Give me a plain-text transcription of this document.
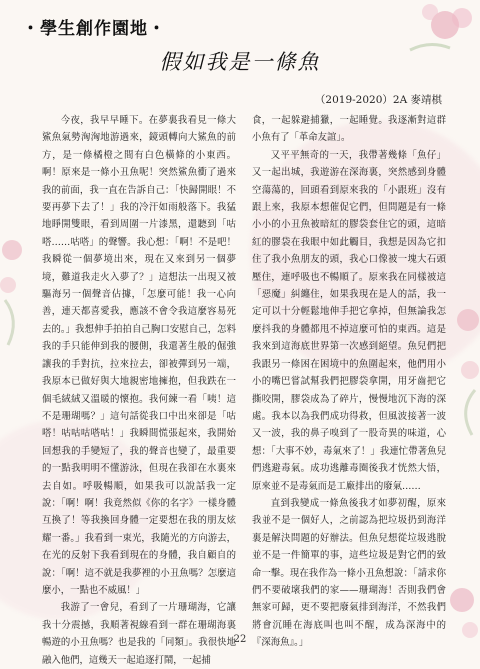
・學生創作園地・
假如我是一條魚
（2019-2020）2A 麥靖棋

今夜，我早早睡下。在夢裏我看見一條大鯊魚氣勢洶洶地游過來，鏡頭轉向大鯊魚的前方，是一條橘橙之間有白色橫條的小東西。啊！原來是一條小丑魚呢！突然鯊魚衝了過來我的前面，我一直在告訴自己：「快歸開眼！不要再夢下去了！」我的冷汗如雨般落下。我猛地睜開雙眼，看到周圍一片漆黑，還聽到「咕嗒……咕嗒」的聲響。我心想：「啊！不是吧！我瞬從一個夢境出來，現在又來到另一個夢境，難道我走火入夢了？」這想法一出現又被驅海另一個聲音佔據，「怎麼可能！我一心向善，連天都喜愛我，應該不會令我這麼容易死去的。」我想伸手拍拍自己胸口安慰自己，怎料我的手只能伸到我的腰側，我還著生般的倔強讓我的手對抗，拉來拉去，卻被彈到另一端，我原本已做好與大地親密地擁抱，但我跌在一個毛絨絨又溫暖的懷抱。我何練一看「咦！這不是珊瑚嗎？」這句話從我口中出來卻是「咕嗒！咕咕咕嗒咕！」我瞬間慌張起來，我開始回想我的手變短了，我的聲音也變了，最重要的一點我明明不懂游泳，但現在我卻在水裏來去自如。呼吸暢順，如果我可以說話我一定說：「啊！啊！我竟然似《你的名字》一樣身體互換了！等我換回身體一定要想在我的朋友炫耀一番。」我看到一束光，我隨光的方向游去，在光的反射下我看到現在的身體，我自顧自的說：「啊！這不就是我夢裡的小丑魚嗎？怎麼這麼小，一點也不威風！」

我游了一會兒，看到了一片珊瑚海，它讓我十分震撼，我順著視線看到一群在珊瑚海裏暢遊的小丑魚嗎？也是我的「同類」。我很快地融入他們，這幾天一起追逐打鬧，一起捕

食，一起躲避捕獵，一起睡覺。我逐漸對這群小魚有了「革命友誼」。

又平平無奇的一天，我帶著幾條「魚仔」又一起出城，我遊游在深海裏，突然感到身體空蕩蕩的，回頭看到原來我的「小跟班」沒有跟上來，我原本想催促它們，但問題是有一條小小的小丑魚被暗紅的膠袋套住它的頭，這暗紅的膠袋在我眼中如此觸目，我想是因為它扣住了我小魚朋友的頭，我心口像被一塊大石頭壓住，連呼吸也不暢順了。原來我在同樣被這「惡魔」糾纏住，如果我現在是人的話，我一定可以十分輕鬆地伸手把它拿掉，但無論我怎麼抖我的身體都甩不掉這麼可怕的東西。這是我來到這海底世界第一次感到絕望。魚兒們把我跟另一條困在困境中的魚圍起來，他們用小小的嘴巴嘗試幫我們把膠袋拿開，用牙齒把它撕咬開，膠袋成為了碎片，慢慢地沉下海的深處。我本以為我們成功得救，但風波接著一波又一波，我的鼻子嗅到了一股奇異的味道，心想：「大事不妙，毒氣來了！」我連忙帶著魚兒們逃避毒氣。成功逃離毒圈後我才恍然大悟，原來並不是毒氣而是工廠排出的廢氣……

直到我變成一條魚後我才如夢初醒，原來我並不是一個好人，之前認為把垃圾扔到海洋裏是解決問題的好辦法。但魚兒想從垃圾逃脫並不是一件簡單的事，這些垃圾是對它們的致命一擊。現在我作為一條小丑魚想說：「請求你們不要破壞我們的家——珊瑚海！否則我們會無家可歸，更不要把廢氣排到海洋，不然我們將會沉睡在海底叫也叫不醒，成為深海中的『深海魚』。」

22
